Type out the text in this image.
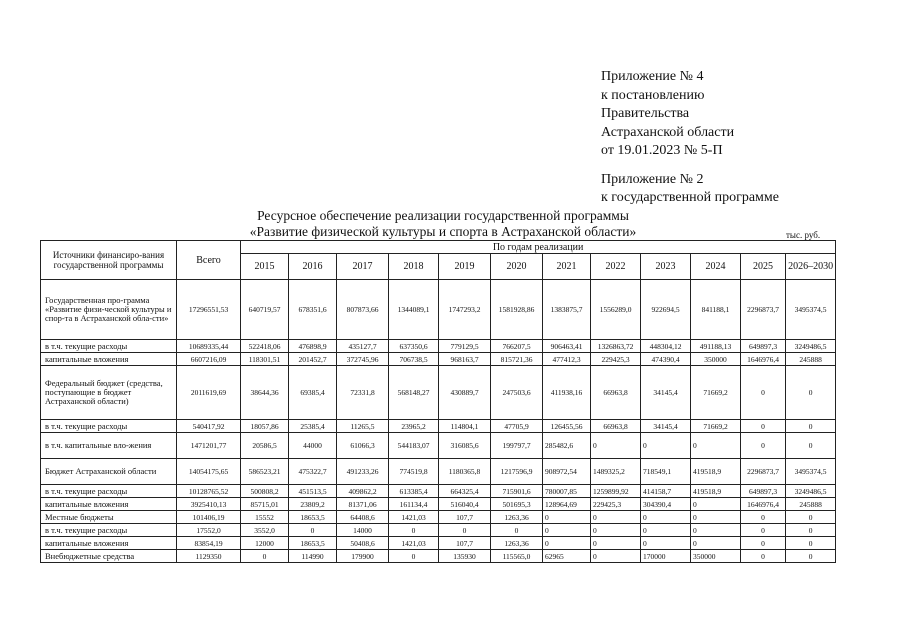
Приложение № 4
к постановлению
Правительства
Астраханской области
от 19.01.2023 № 5-П
Приложение № 2
к государственной программе
Ресурсное обеспечение реализации государственной программы
«Развитие физической культуры и спорта в Астраханской области»	тыс. руб.
Источники финансиро-вания государственной программы	Всего	По годам реализации											
		2015	2016	2017	2018	2019	2020	2021	2022	2023	2024	2025	2026–2030
Государственная про-грамма «Развитие физи-ческой культуры и спор-та в Астраханской обла-сти»	17296551,53	640719,57	678351,6	807873,66	1344089,1	1747293,2	1581928,86	1383875,7	1556289,0	922694,5	841188,1	2296873,7	3495374,5
в т.ч. текущие расходы	10689335,44	522418,06	476898,9	435127,7	637350,6	779129,5	766207,5	906463,41	1326863,72	448304,12	491188,13	649897,3	3249486,5
капитальные вложения	6607216,09	118301,51	201452,7	372745,96	706738,5	968163,7	815721,36	477412,3	229425,3	474390,4	350000	1646976,4	245888
Федеральный бюджет (средства, поступающие в бюджет Астраханской области)	2011619,69	38644,36	69385,4	72331,8	568148,27	430889,7	247503,6	411938,16	66963,8	34145,4	71669,2	0	0
в т.ч. текущие расходы	540417,92	18057,86	25385,4	11265,5	23965,2	114804,1	47705,9	126455,56	66963,8	34145,4	71669,2	0	0
в т.ч. капитальные вло-жения	1471201,77	20586,5	44000	61066,3	544183,07	316085,6	199797,7	285482,6	0	0	0	0	0
Бюджет Астраханской области	14054175,65	586523,21	475322,7	491233,26	774519,8	1180365,8	1217596,9	908972,54	1489325,2	718549,1	419518,9	2296873,7	3495374,5
в т.ч. текущие расходы	10128765,52	500808,2	451513,5	409862,2	613385,4	664325,4	715901,6	780007,85	1259899,92	414158,7	419518,9	649897,3	3249486,5
капитальные вложения	3925410,13	85715,01	23809,2	81371,06	161134,4	516040,4	501695,3	128964,69	229425,3	304390,4	0	1646976,4	245888
Местные бюджеты	101406,19	15552	18653,5	64408,6	1421,03	107,7	1263,36	0	0	0	0	0	0
в т.ч. текущие расходы	17552,0	3552,0	0	14000	0	0	0	0	0	0	0	0	0
капитальные вложения	83854,19	12000	18653,5	50408,6	1421,03	107,7	1263,36	0	0	0	0	0	0
Внебюджетные средства	1129350	0	114990	179900	0	135930	115565,0	62965	0	170000	350000	0	0
